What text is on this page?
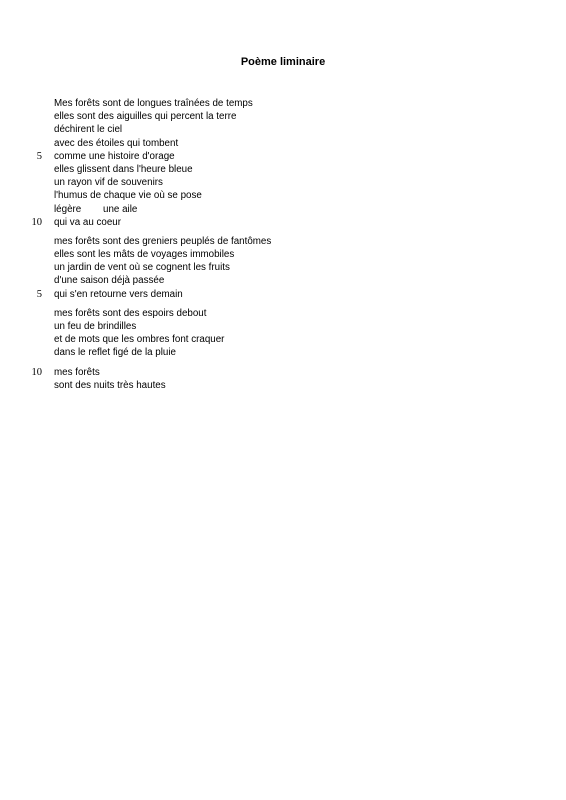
Poème liminaire
Mes forêts sont de longues traînées de temps
elles sont des aiguilles qui percent la terre
déchirent le ciel
avec des étoiles qui tombent
5 comme une histoire d'orage
elles glissent dans l'heure bleue
un rayon vif de souvenirs
l'humus de chaque vie où se pose
légère        une aile
10 qui va au coeur
mes forêts sont des greniers peuplés de fantômes
elles sont les mâts de voyages immobiles
un jardin de vent où se cognent les fruits
d'une saison déjà passée
5 qui s'en retourne vers demain
mes forêts sont des espoirs debout
un feu de brindilles
et de mots que les ombres font craquer
dans le reflet figé de la pluie
10 mes forêts
sont des nuits très hautes
